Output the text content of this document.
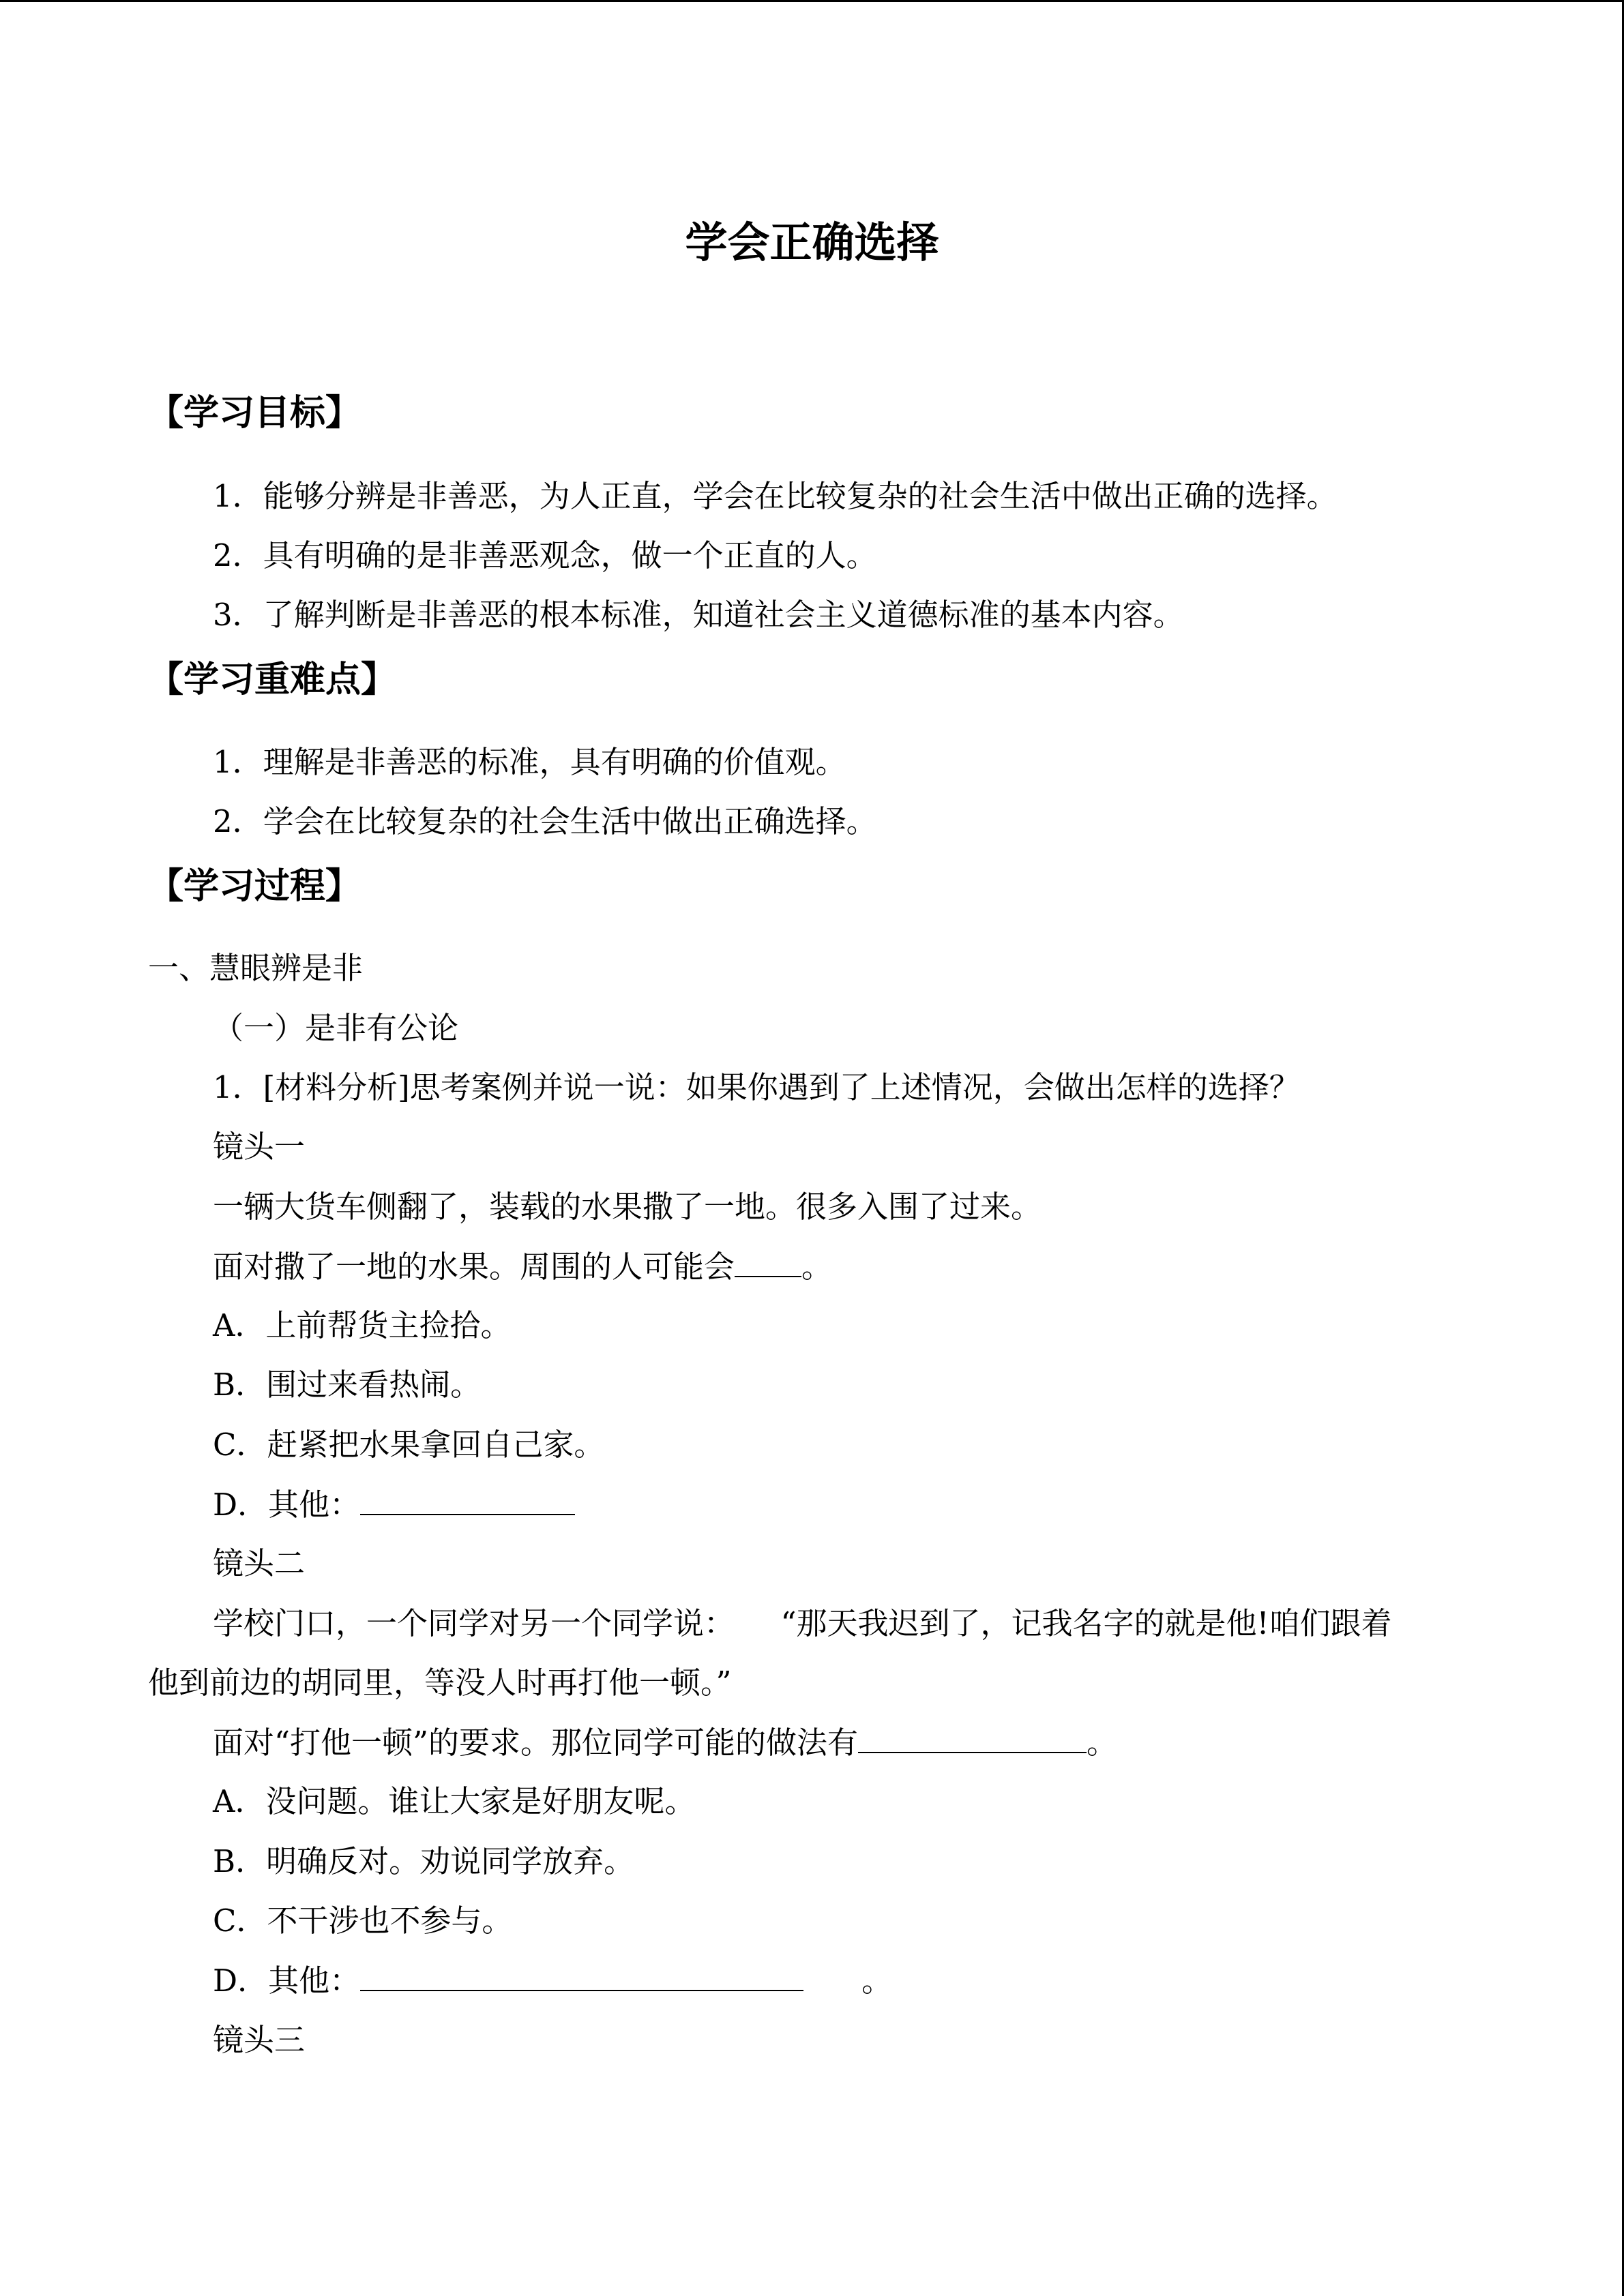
学会正确选择
【学习目标】
1．能够分辨是非善恶，为人正直，学会在比较复杂的社会生活中做出正确的选择。
2．具有明确的是非善恶观念，做一个正直的人。
3．了解判断是非善恶的根本标准，知道社会主义道德标准的基本内容。
【学习重难点】
1．理解是非善恶的标准，具有明确的价值观。
2．学会在比较复杂的社会生活中做出正确选择。
【学习过程】
一、慧眼辨是非
（一）是非有公论
1．[材料分析]思考案例并说一说：如果你遇到了上述情况，会做出怎样的选择？
镜头一
一辆大货车侧翻了，装载的水果撒了一地。很多入围了过来。
面对撒了一地的水果。周围的人可能会 。
A．上前帮货主捡拾。
B．围过来看热闹。
C．赶紧把水果拿回自己家。
D．其他：
镜头二
学校门口，一个同学对另一个同学说：　　“那天我迟到了，记我名字的就是他!咱们跟着
他到前边的胡同里，等没人时再打他一顿。”
面对“打他一顿”的要求。那位同学可能的做法有	。
A．没问题。谁让大家是好朋友呢。
B．明确反对。劝说同学放弃。
C．不干涉也不参与。
D．其他：	。
镜头三
